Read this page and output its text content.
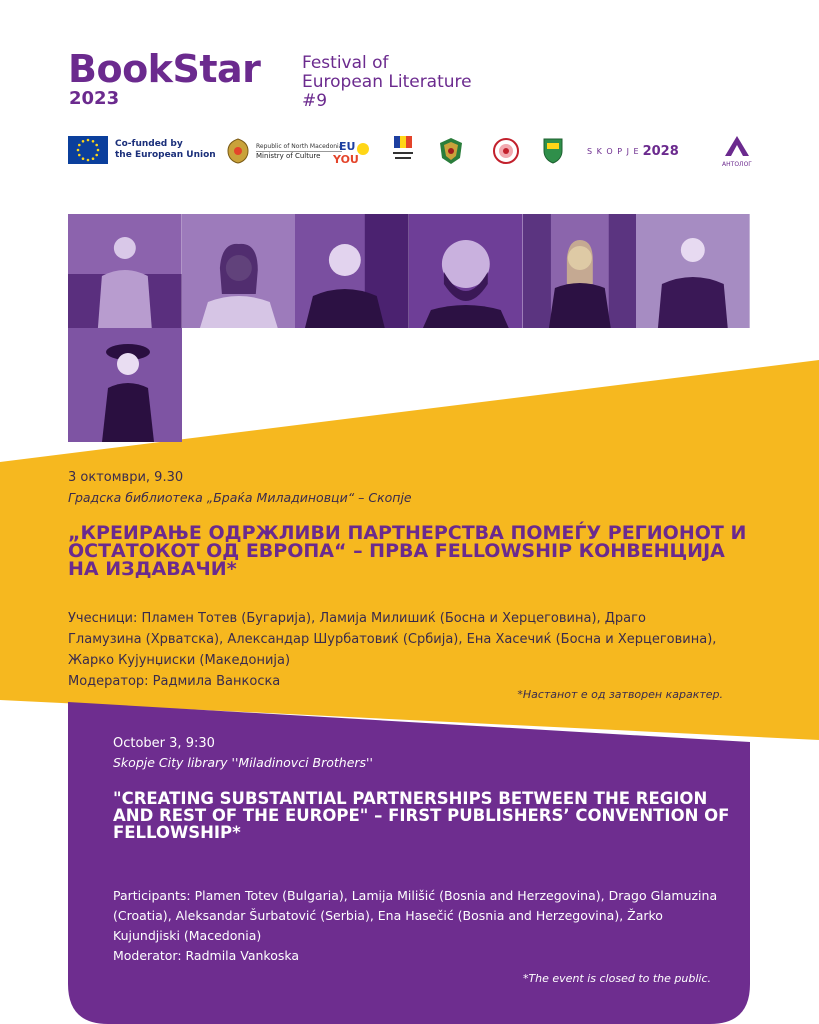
BookStar
2023
Festival of
European Literature
#9
Co-funded by
the European Union
Republic of North Macedonia
Ministry of Culture
EU
YOU
S K O P J E 2028
АНТОЛОГ
3 октомври, 9.30
Градска библиотека „Браќа Миладиновци“ – Скопје
„КРЕИРАЊЕ ОДРЖЛИВИ ПАРТНЕРСТВА ПОМЕЃУ РЕГИОНОТ И ОСТАТОКОТ ОД ЕВРОПА“ – ПРВА FELLOWSHIP КОНВЕНЦИЈА НА ИЗДАВАЧИ*
Учесници: Пламен Тотев (Бугарија), Ламија Милишиќ (Босна и Херцеговина), Драго Гламузина (Хрватска), Александар Шурбатовиќ (Србија), Ена Хасечиќ (Босна и Херцеговина), Жарко Кујунџиски (Македонија)
Модератор: Радмила Ванкоска
*Настанот е од затворен карактер.
October 3, 9:30
Skopje City library ''Miladinovci Brothers''
"CREATING SUBSTANTIAL PARTNERSHIPS BETWEEN THE REGION AND REST OF THE EUROPE" – FIRST PUBLISHERS’ CONVENTION OF FELLOWSHIP*
Participants: Plamen Totev (Bulgaria), Lamija Milišić (Bosnia and Herzegovina), Drago Glamuzina (Croatia), Aleksandar Šurbatović (Serbia), Ena Hasečić (Bosnia and Herzegovina), Žarko Kujundjiski (Macedonia)
Moderator: Radmila Vankoska
*The event is closed to the public.
